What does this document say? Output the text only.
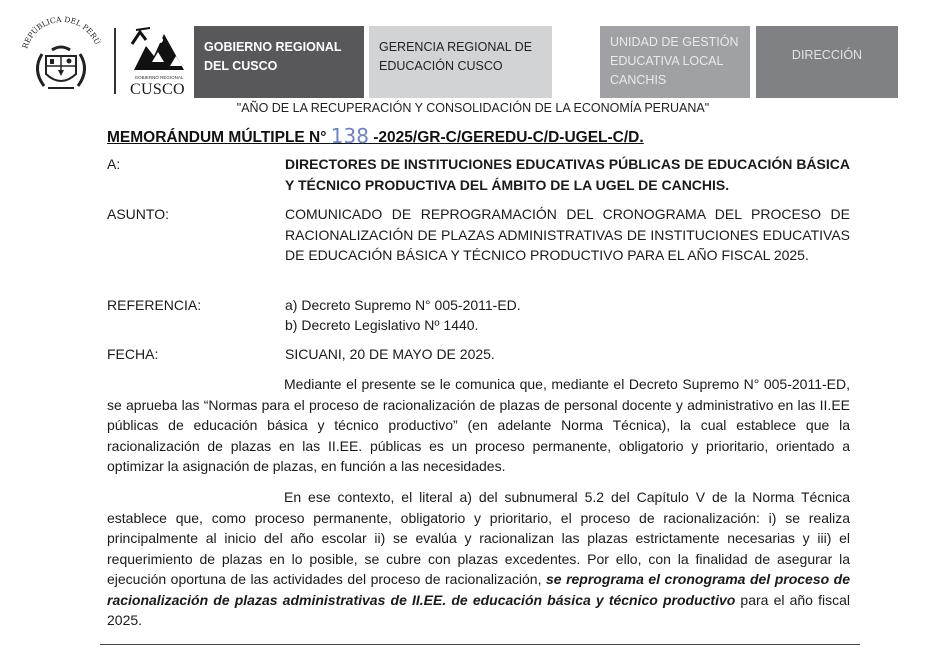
REPÚBLICA DEL PERÚ
GOBIERNO REGIONAL
CUSCO
GOBIERNO REGIONAL
DEL CUSCO
GERENCIA REGIONAL DE
EDUCACIÓN CUSCO
UNIDAD DE GESTIÓN
EDUCATIVA LOCAL
CANCHIS
DIRECCIÓN
"AÑO DE LA RECUPERACIÓN Y CONSOLIDACIÓN DE LA ECONOMÍA PERUANA"
MEMORÁNDUM MÚLTIPLE N° 138 -2025/GR-C/GEREDU-C/D-UGEL-C/D.
A:	DIRECTORES DE INSTITUCIONES EDUCATIVAS PÚBLICAS DE EDUCACIÓN BÁSICA Y TÉCNICO PRODUCTIVA DEL ÁMBITO DE LA UGEL DE CANCHIS.
ASUNTO:	COMUNICADO DE REPROGRAMACIÓN DEL CRONOGRAMA DEL PROCESO DE RACIONALIZACIÓN DE PLAZAS ADMINISTRATIVAS DE INSTITUCIONES EDUCATIVAS DE EDUCACIÓN BÁSICA Y TÉCNICO PRODUCTIVO PARA EL AÑO FISCAL 2025.
REFERENCIA:	a) Decreto Supremo N° 005-2011-ED.
b) Decreto Legislativo Nº 1440.
FECHA:	SICUANI, 20 DE MAYO DE 2025.
Mediante el presente se le comunica que, mediante el Decreto Supremo N° 005-2011-ED, se aprueba las “Normas para el proceso de racionalización de plazas de personal docente y administrativo en las II.EE públicas de educación básica y técnico productivo” (en adelante Norma Técnica), la cual establece que la racionalización de plazas en las II.EE. públicas es un proceso permanente, obligatorio y prioritario, orientado a optimizar la asignación de plazas, en función a las necesidades.
En ese contexto, el literal a) del subnumeral 5.2 del Capítulo V de la Norma Técnica establece que, como proceso permanente, obligatorio y prioritario, el proceso de racionalización: i) se realiza principalmente al inicio del año escolar ii) se evalúa y racionalizan las plazas estrictamente necesarias y iii) el requerimiento de plazas en lo posible, se cubre con plazas excedentes. Por ello, con la finalidad de asegurar la ejecución oportuna de las actividades del proceso de racionalización, se reprograma el cronograma del proceso de racionalización de plazas administrativas de II.EE. de educación básica y técnico productivo para el año fiscal 2025.
